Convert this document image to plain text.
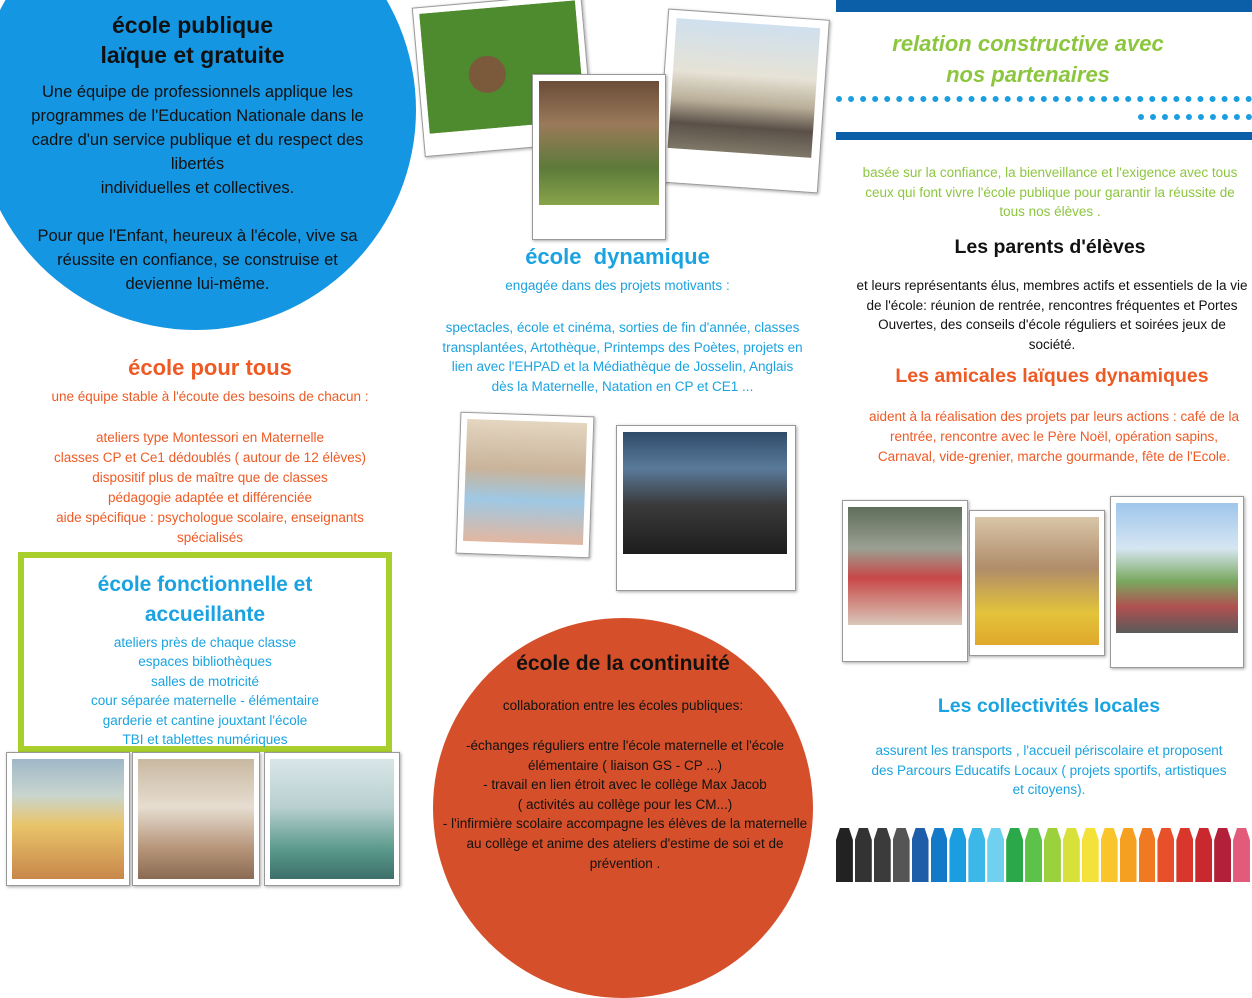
école publique
laïque et gratuite
Une équipe de professionnels applique les programmes de l'Education Nationale dans le cadre d'un service publique et du respect des libertés
individuelles et collectives.

Pour que l'Enfant, heureux à l'école, vive sa réussite en confiance, se construise et devienne lui-même.
école pour tous
une équipe stable à l'écoute des besoins de chacun :
ateliers type Montessori en Maternelle
classes CP et Ce1 dédoublés ( autour de 12 élèves)
dispositif plus de maître que de classes
pédagogie adaptée et différenciée
aide spécifique : psychologue scolaire, enseignants
spécialisés
école fonctionnelle et
accueillante
ateliers près de chaque classe
espaces bibliothèques
salles de motricité
cour séparée maternelle - élémentaire
garderie et cantine jouxtant l'école
TBI et tablettes numériques
école  dynamique
engagée dans des projets motivants :
spectacles, école et cinéma, sorties de fin d'année, classes transplantées, Artothèque, Printemps des Poètes, projets en lien avec l'EHPAD et la Médiathèque de Josselin, Anglais dès la Maternelle, Natation en CP et CE1 ...
école de la continuité
collaboration entre les écoles publiques:
-échanges réguliers entre l'école maternelle et l'école élémentaire ( liaison GS - CP ...)
- travail en lien étroit avec le collège Max Jacob
( activités au collège pour les CM...)
- l'infirmière scolaire accompagne les élèves de la maternelle au collège et anime des ateliers d'estime de soi et de prévention .
relation constructive avec
nos partenaires
basée sur la confiance, la bienveillance et l'exigence avec tous ceux qui font vivre l'école publique pour garantir la réussite de tous nos élèves .
Les parents d'élèves
et leurs représentants élus, membres actifs et essentiels de la vie de l'école: réunion de rentrée, rencontres fréquentes et Portes Ouvertes, des conseils d'école réguliers et soirées jeux de société.
Les amicales laïques dynamiques
aident à la réalisation des projets par leurs actions : café de la rentrée, rencontre avec le Père Noël, opération sapins, Carnaval, vide-grenier, marche gourmande, fête de l'Ecole.
Les collectivités locales
assurent les transports , l'accueil périscolaire et proposent des Parcours Educatifs Locaux ( projets sportifs, artistiques et citoyens).
